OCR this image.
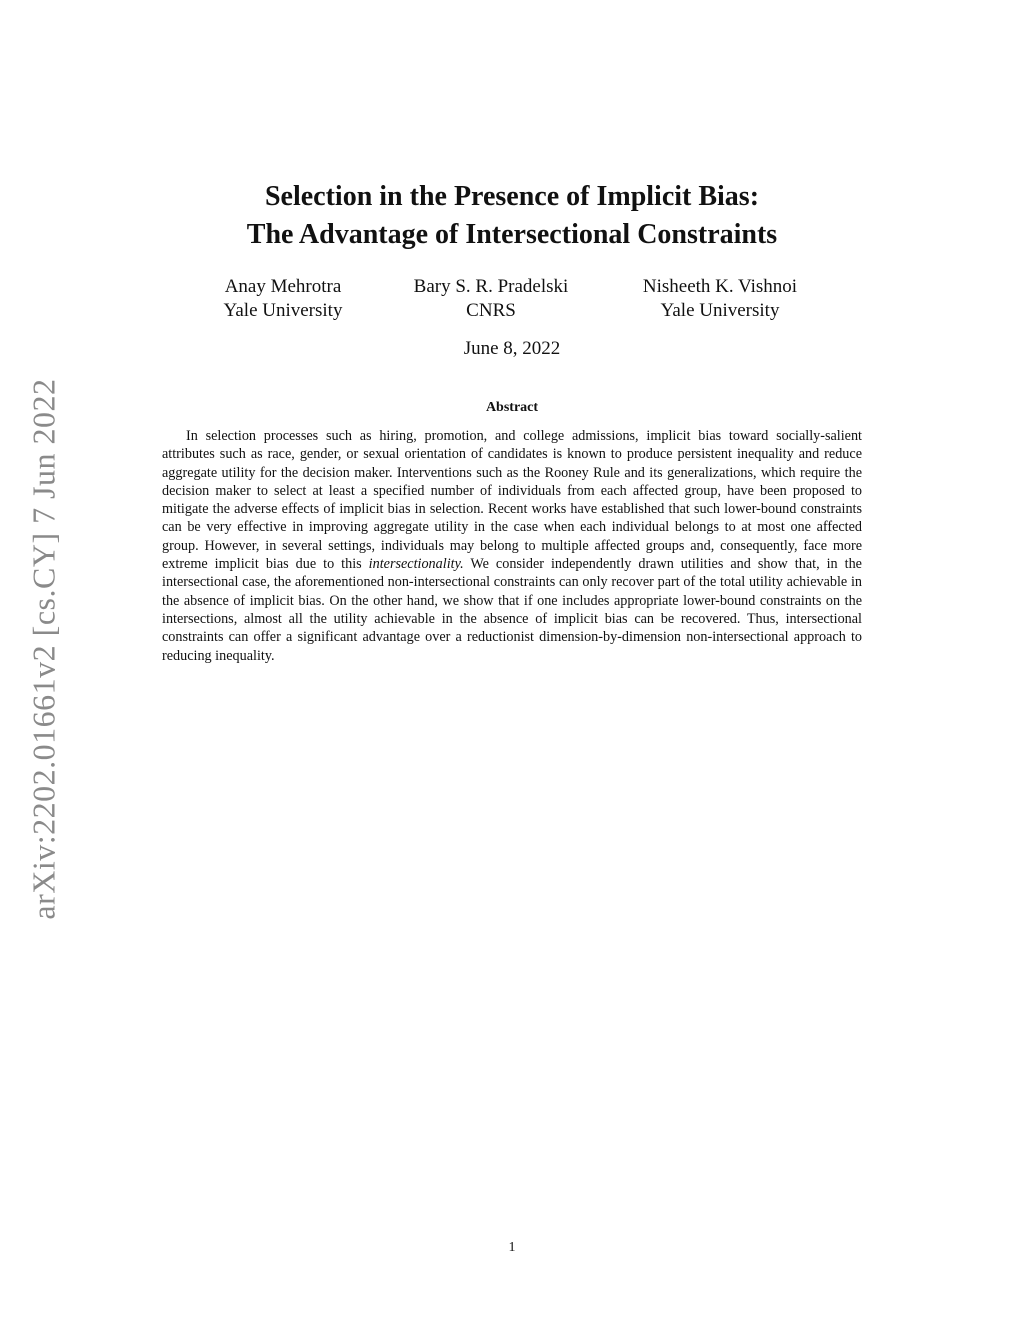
arXiv:2202.01661v2 [cs.CY] 7 Jun 2022
Selection in the Presence of Implicit Bias:
The Advantage of Intersectional Constraints
Anay Mehrotra
Yale University
Bary S. R. Pradelski
CNRS
Nisheeth K. Vishnoi
Yale University
June 8, 2022
Abstract
In selection processes such as hiring, promotion, and college admissions, implicit bias toward socially-salient attributes such as race, gender, or sexual orientation of candidates is known to produce persistent inequality and reduce aggregate utility for the decision maker. Interventions such as the Rooney Rule and its generalizations, which require the decision maker to select at least a specified number of individuals from each affected group, have been proposed to mitigate the adverse effects of implicit bias in selection. Recent works have established that such lower-bound constraints can be very effective in improving aggregate utility in the case when each individual belongs to at most one affected group. However, in several settings, individuals may belong to multiple affected groups and, consequently, face more extreme implicit bias due to this intersectionality. We consider independently drawn utilities and show that, in the intersectional case, the aforementioned non-intersectional constraints can only recover part of the total utility achievable in the absence of implicit bias. On the other hand, we show that if one includes appropriate lower-bound constraints on the intersections, almost all the utility achievable in the absence of implicit bias can be recovered. Thus, intersectional constraints can offer a significant advantage over a reductionist dimension-by-dimension non-intersectional approach to reducing inequality.
1
